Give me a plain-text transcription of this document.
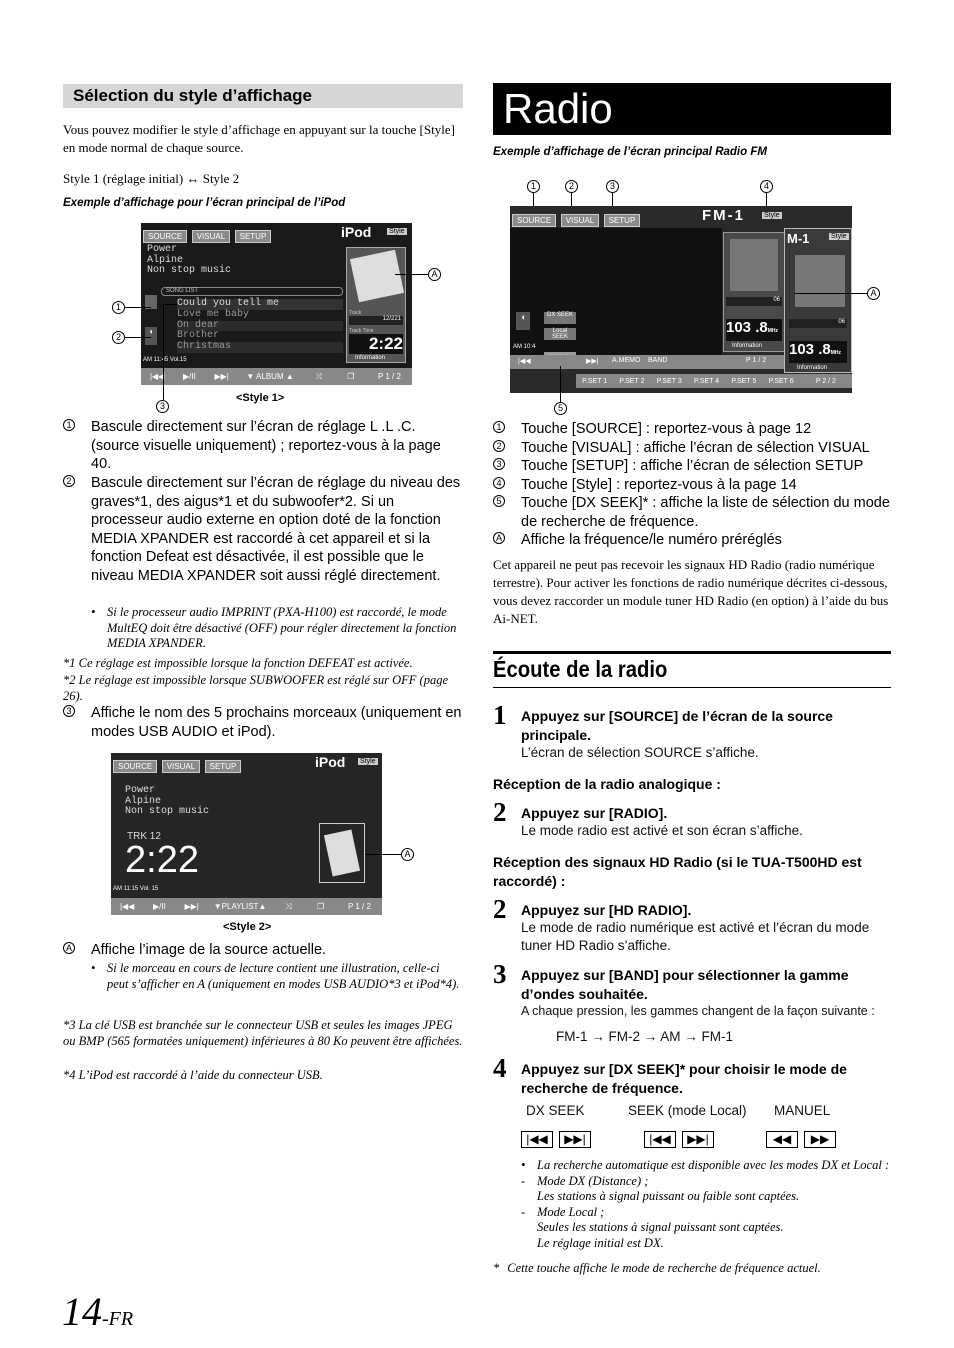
Sélection du style d’affichage
Vous pouvez modifier le style d’affichage en appuyant sur la touche [Style] en mode normal de chaque source.
Style 1 (réglage initial) ↔ Style 2
Exemple d’affichage pour l’écran principal de l’iPod
SOURCE VISUAL SETUP	iPod	Style
Power
Alpine
Non stop music
SONG LIST
◖
Could you tell me
Love me baby
On dear
Brother
Christmas
Track
12/221
Track Time
2:22
Information
AM 11:45 Vol.15
|◀◀	▶/II	▶▶|	▼ ALBUM ▲	⤨	❐	P 1 / 2
1
2
3
A
<Style 1>
1 Bascule directement sur l’écran de réglage L .L .C. (source visuelle uniquement) ; reportez-vous à la page 40.
2 Bascule directement sur l’écran de réglage du niveau des graves*1, des aigus*1 et du subwoofer*2. Si un processeur audio externe en option doté de la fonction MEDIA XPANDER est raccordé à cet appareil et si la fonction Defeat est désactivée, il est possible que le niveau MEDIA XPANDER soit aussi réglé directement.
• Si le processeur audio IMPRINT (PXA-H100) est raccordé, le mode MultEQ doit être désactivé (OFF) pour régler directement la fonction MEDIA XPANDER.
*1 Ce réglage est impossible lorsque la fonction DEFEAT est activée.
*2 Le réglage est impossible lorsque SUBWOOFER est réglé sur OFF (page 26).
3 Affiche le nom des 5 prochains morceaux (uniquement en modes USB AUDIO et iPod).
SOURCE VISUAL SETUP	iPod Style
Power
Alpine
Non stop music
TRK 12
2:22
AM 11:15 Vol. 15
|◀◀	▶/II	▶▶|	▼PLAYLIST▲	⤨	❐	P 1 / 2
A
<Style 2>
A Affiche l’image de la source actuelle.
• Si le morceau en cours de lecture contient une illustration, celle-ci peut s’afficher en A (uniquement en modes USB AUDIO*3 et iPod*4).
*3 La clé USB est branchée sur le connecteur USB et seules les images JPEG ou BMP (565 formatées uniquement) inférieures à 80 Ko peuvent être affichées.
*4 L’iPod est raccordé à l’aide du connecteur USB.
14-FR
Radio
Exemple d’affichage de l’écran principal Radio FM
1	2	3	4
SOURCE VISUAL SETUP	FM-1	Style
06
103 .8MHz
Information
M-1	Style
06
103 .8MHz
Information
◖	DX SEEK
Local SEEK
|◀◀	▶▶| A.MEMO BAND	P 1 / 2
P.SET 1	P.SET 2	P.SET 3	P.SET 4	P.SET 5	P.SET 6	P 2 / 2
AM 10:4
A
5
1 Touche [SOURCE] : reportez-vous à page 12
2 Touche [VISUAL] : affiche l’écran de sélection VISUAL
3 Touche [SETUP] : affiche l’écran de sélection SETUP
4 Touche [Style] : reportez-vous à la page 14
5 Touche [DX SEEK]* : affiche la liste de sélection du mode de recherche de fréquence.
A Affiche la fréquence/le numéro préréglés
Cet appareil ne peut pas recevoir les signaux HD Radio (radio numérique terrestre). Pour activer les fonctions de radio numérique décrites ci-dessous, vous devez raccorder un module tuner HD Radio (en option) à l’aide du bus Ai-NET.
Écoute de la radio
1 Appuyez sur [SOURCE] de l’écran de la source principale.
L’écran de sélection SOURCE s’affiche.
Réception de la radio analogique :
2 Appuyez sur [RADIO].
Le mode radio est activé et son écran s’affiche.
Réception des signaux HD Radio (si le TUA-T500HD est raccordé) :
2 Appuyez sur [HD RADIO].
Le mode de radio numérique est activé et l’écran du mode tuner HD Radio s’affiche.
3 Appuyez sur [BAND] pour sélectionner la gamme d’ondes souhaitée.
A chaque pression, les gammes changent de la façon suivante :
FM-1 → FM-2 → AM → FM-1
4 Appuyez sur [DX SEEK]* pour choisir le mode de recherche de fréquence.
DX SEEK	SEEK (mode Local) MANUEL
|◀◀ ▶▶|	|◀◀ ▶▶|	◀◀ ▶▶
• La recherche automatique est disponible avec les modes DX et Local :
- Mode DX (Distance) ;
Les stations à signal puissant ou faible sont captées.
- Mode Local ;
Seules les stations à signal puissant sont captées.
Le réglage initial est DX.
* Cette touche affiche le mode de recherche de fréquence actuel.
